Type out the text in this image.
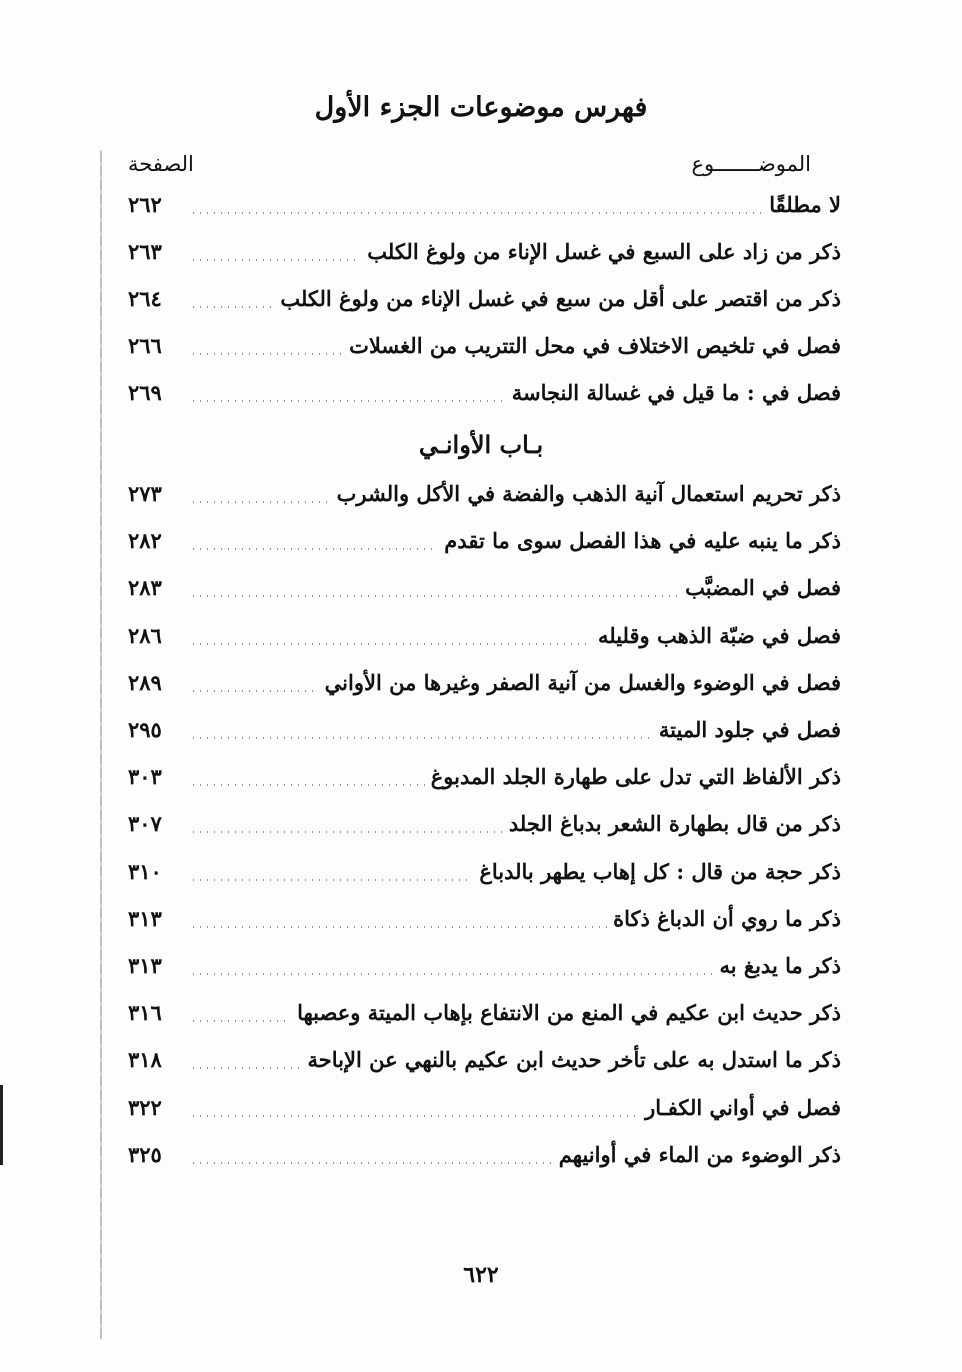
فهرس موضوعات الجزء الأول
الموضـــــــوع
الصفحة
لا مطلقًا
٢٦٢
ذكر من زاد على السبع في غسل الإناء من ولوغ الكلب
٢٦٣
ذكر من اقتصر على أقل من سبع في غسل الإناء من ولوغ الكلب
٢٦٤
فصل في تلخيص الاختلاف في محل التتريب من الغسلات
٢٦٦
فصل في : ما قيل في غسالة النجاسة
٢٦٩
ذكر تحريم استعمال آنية الذهب والفضة في الأكل والشرب
٢٧٣
ذكر ما ينبه عليه في هذا الفصل سوى ما تقدم
٢٨٢
فصل في المضبَّب
٢٨٣
فصل في ضبّة الذهب وقليله
٢٨٦
فصل في الوضوء والغسل من آنية الصفر وغيرها من الأواني
٢٨٩
فصل في جلود الميتة
٢٩٥
ذكر الألفاظ التي تدل على طهارة الجلد المدبوغ
٣٠٣
ذكر من قال بطهارة الشعر بدباغ الجلد
٣٠٧
ذكر حجة من قال : كل إهاب يطهر بالدباغ
٣١٠
ذكر ما روي أن الدباغ ذكاة
٣١٣
ذكر ما يدبغ به
٣١٣
ذكر حديث ابن عكيم في المنع من الانتفاع بإهاب الميتة وعصبها
٣١٦
ذكر ما استدل به على تأخر حديث ابن عكيم بالنهي عن الإباحة
٣١٨
فصل في أواني الكفـار
٣٢٢
ذكر الوضوء من الماء في أوانيهم
٣٢٥
بـاب الأوانـي
٦٢٢
